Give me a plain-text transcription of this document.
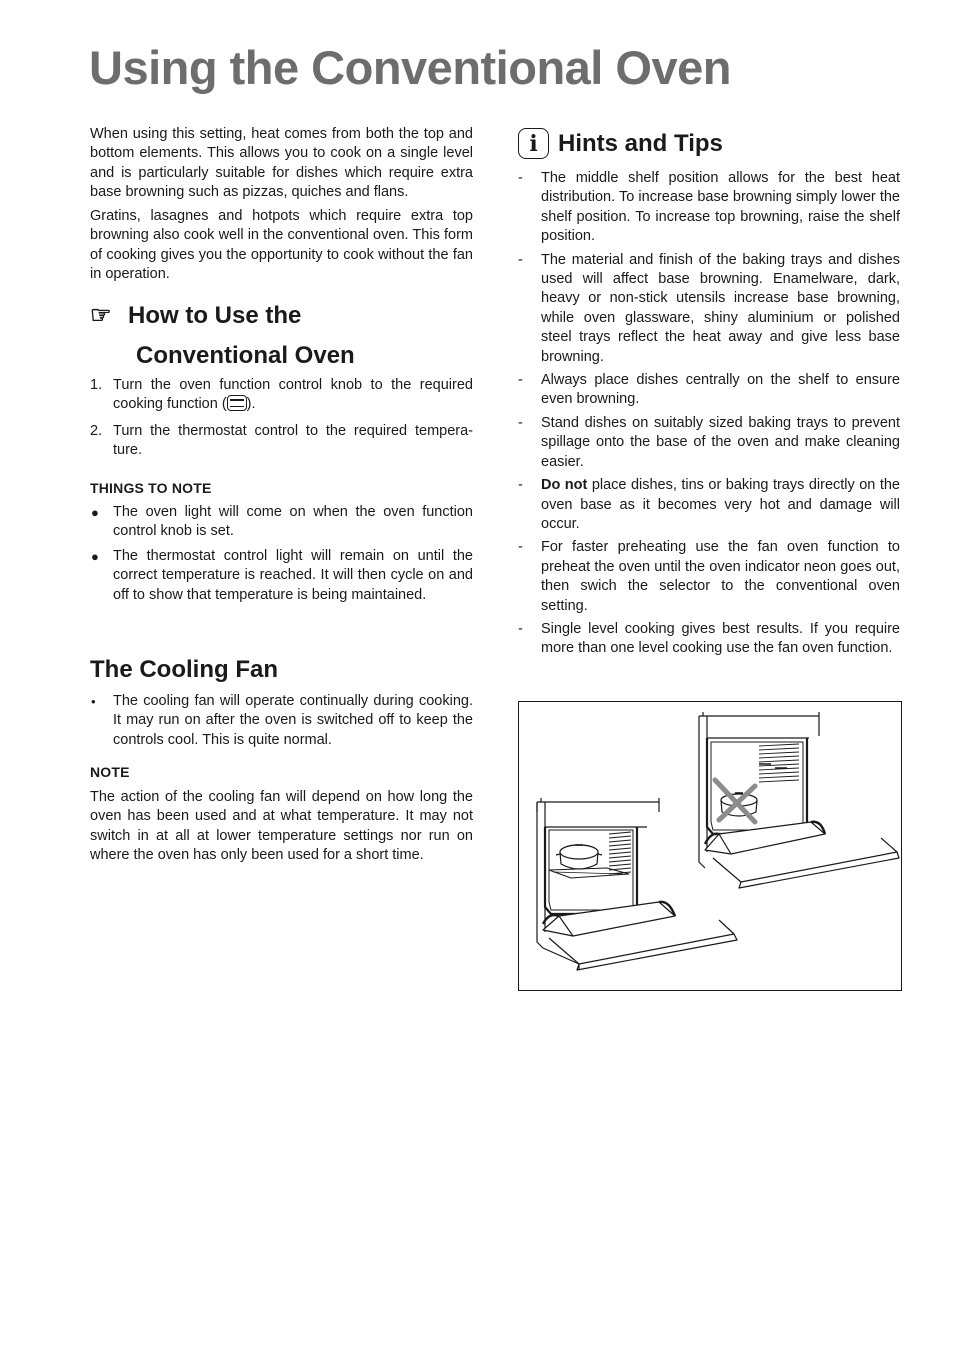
Using the Conventional Oven

When using this setting, heat comes from both the top and bottom elements. This allows you to cook on a single level and is particularly suitable for dishes which require extra base browning such as pizzas, quiches and flans.

Gratins, lasagnes and hotpots which require extra top browning also cook well in the conventional oven. This form of cooking gives you the opportunity to cook without the fan in operation.

☞ How to Use the
Conventional Oven
1. Turn the oven function control knob to the required cooking function ( ).
2. Turn the thermostat control to the required tempera-ture.
THINGS TO NOTE
● The oven light will come on when the oven function control knob is set.
● The thermostat control light will remain on until the correct temperature is reached. It will then cycle on and off to show that temperature is being maintained.
The Cooling Fan
• The cooling fan will operate continually during cooking. It may run on after the oven is switched off to keep the controls cool. This is quite normal.
NOTE

The action of the cooling fan will depend on how long the oven has been used and at what temperature. It may not switch in at all at lower temperature settings nor run on where the oven has only been used for a short time.

i Hints and Tips
- The middle shelf position allows for the best heat distribution. To increase base browning simply lower the shelf position. To increase top browning, raise the shelf position.
- The material and finish of the baking trays and dishes used will affect base browning. Enamelware, dark, heavy or non-stick utensils increase base browning, while oven glassware, shiny aluminium or polished steel trays reflect the heat away and give less base browning.
- Always place dishes centrally on the shelf to ensure even browning.
- Stand dishes on suitably sized baking trays to prevent spillage onto the base of the oven and make cleaning easier.
- Do not place dishes, tins or baking trays directly on the oven base as it becomes very hot and damage will occur.
- For faster preheating use the fan oven function to preheat the oven until the oven indicator neon goes out, then swich the selector to the conventional oven setting.
- Single level cooking gives best results. If you require more than one level cooking use the fan oven function.
